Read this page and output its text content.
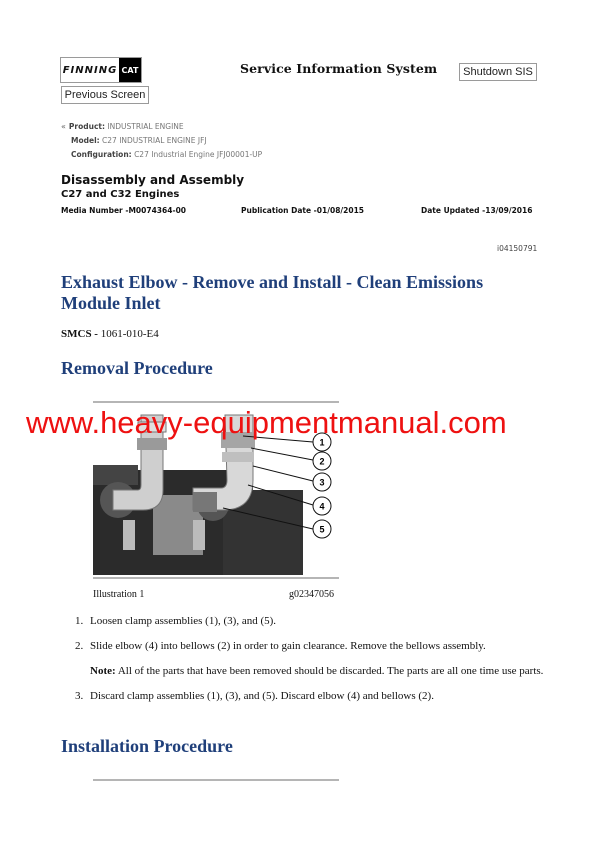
FINNING CAT
Previous Screen
Service Information System	Shutdown SIS
« Product: INDUSTRIAL ENGINE
Model: C27 INDUSTRIAL ENGINE JFJ
Configuration: C27 Industrial Engine JFJ00001-UP
Disassembly and Assembly
C27 and C32 Engines
Media Number -M0074364-00	Publication Date -01/08/2015	Date Updated -13/09/2016
i04150791
Exhaust Elbow - Remove and Install - Clean Emissions Module Inlet
SMCS - 1061-010-E4
Removal Procedure
1
2
3
4
5
Illustration 1	g02347056
1. Loosen clamp assemblies (1), (3), and (5).
2. Slide elbow (4) into bellows (2) in order to gain clearance. Remove the bellows assembly.
Note: All of the parts that have been removed should be discarded. The parts are all one time use parts.
3. Discard clamp assemblies (1), (3), and (5). Discard elbow (4) and bellows (2).
Installation Procedure
www.heavy-equipmentmanual.com
